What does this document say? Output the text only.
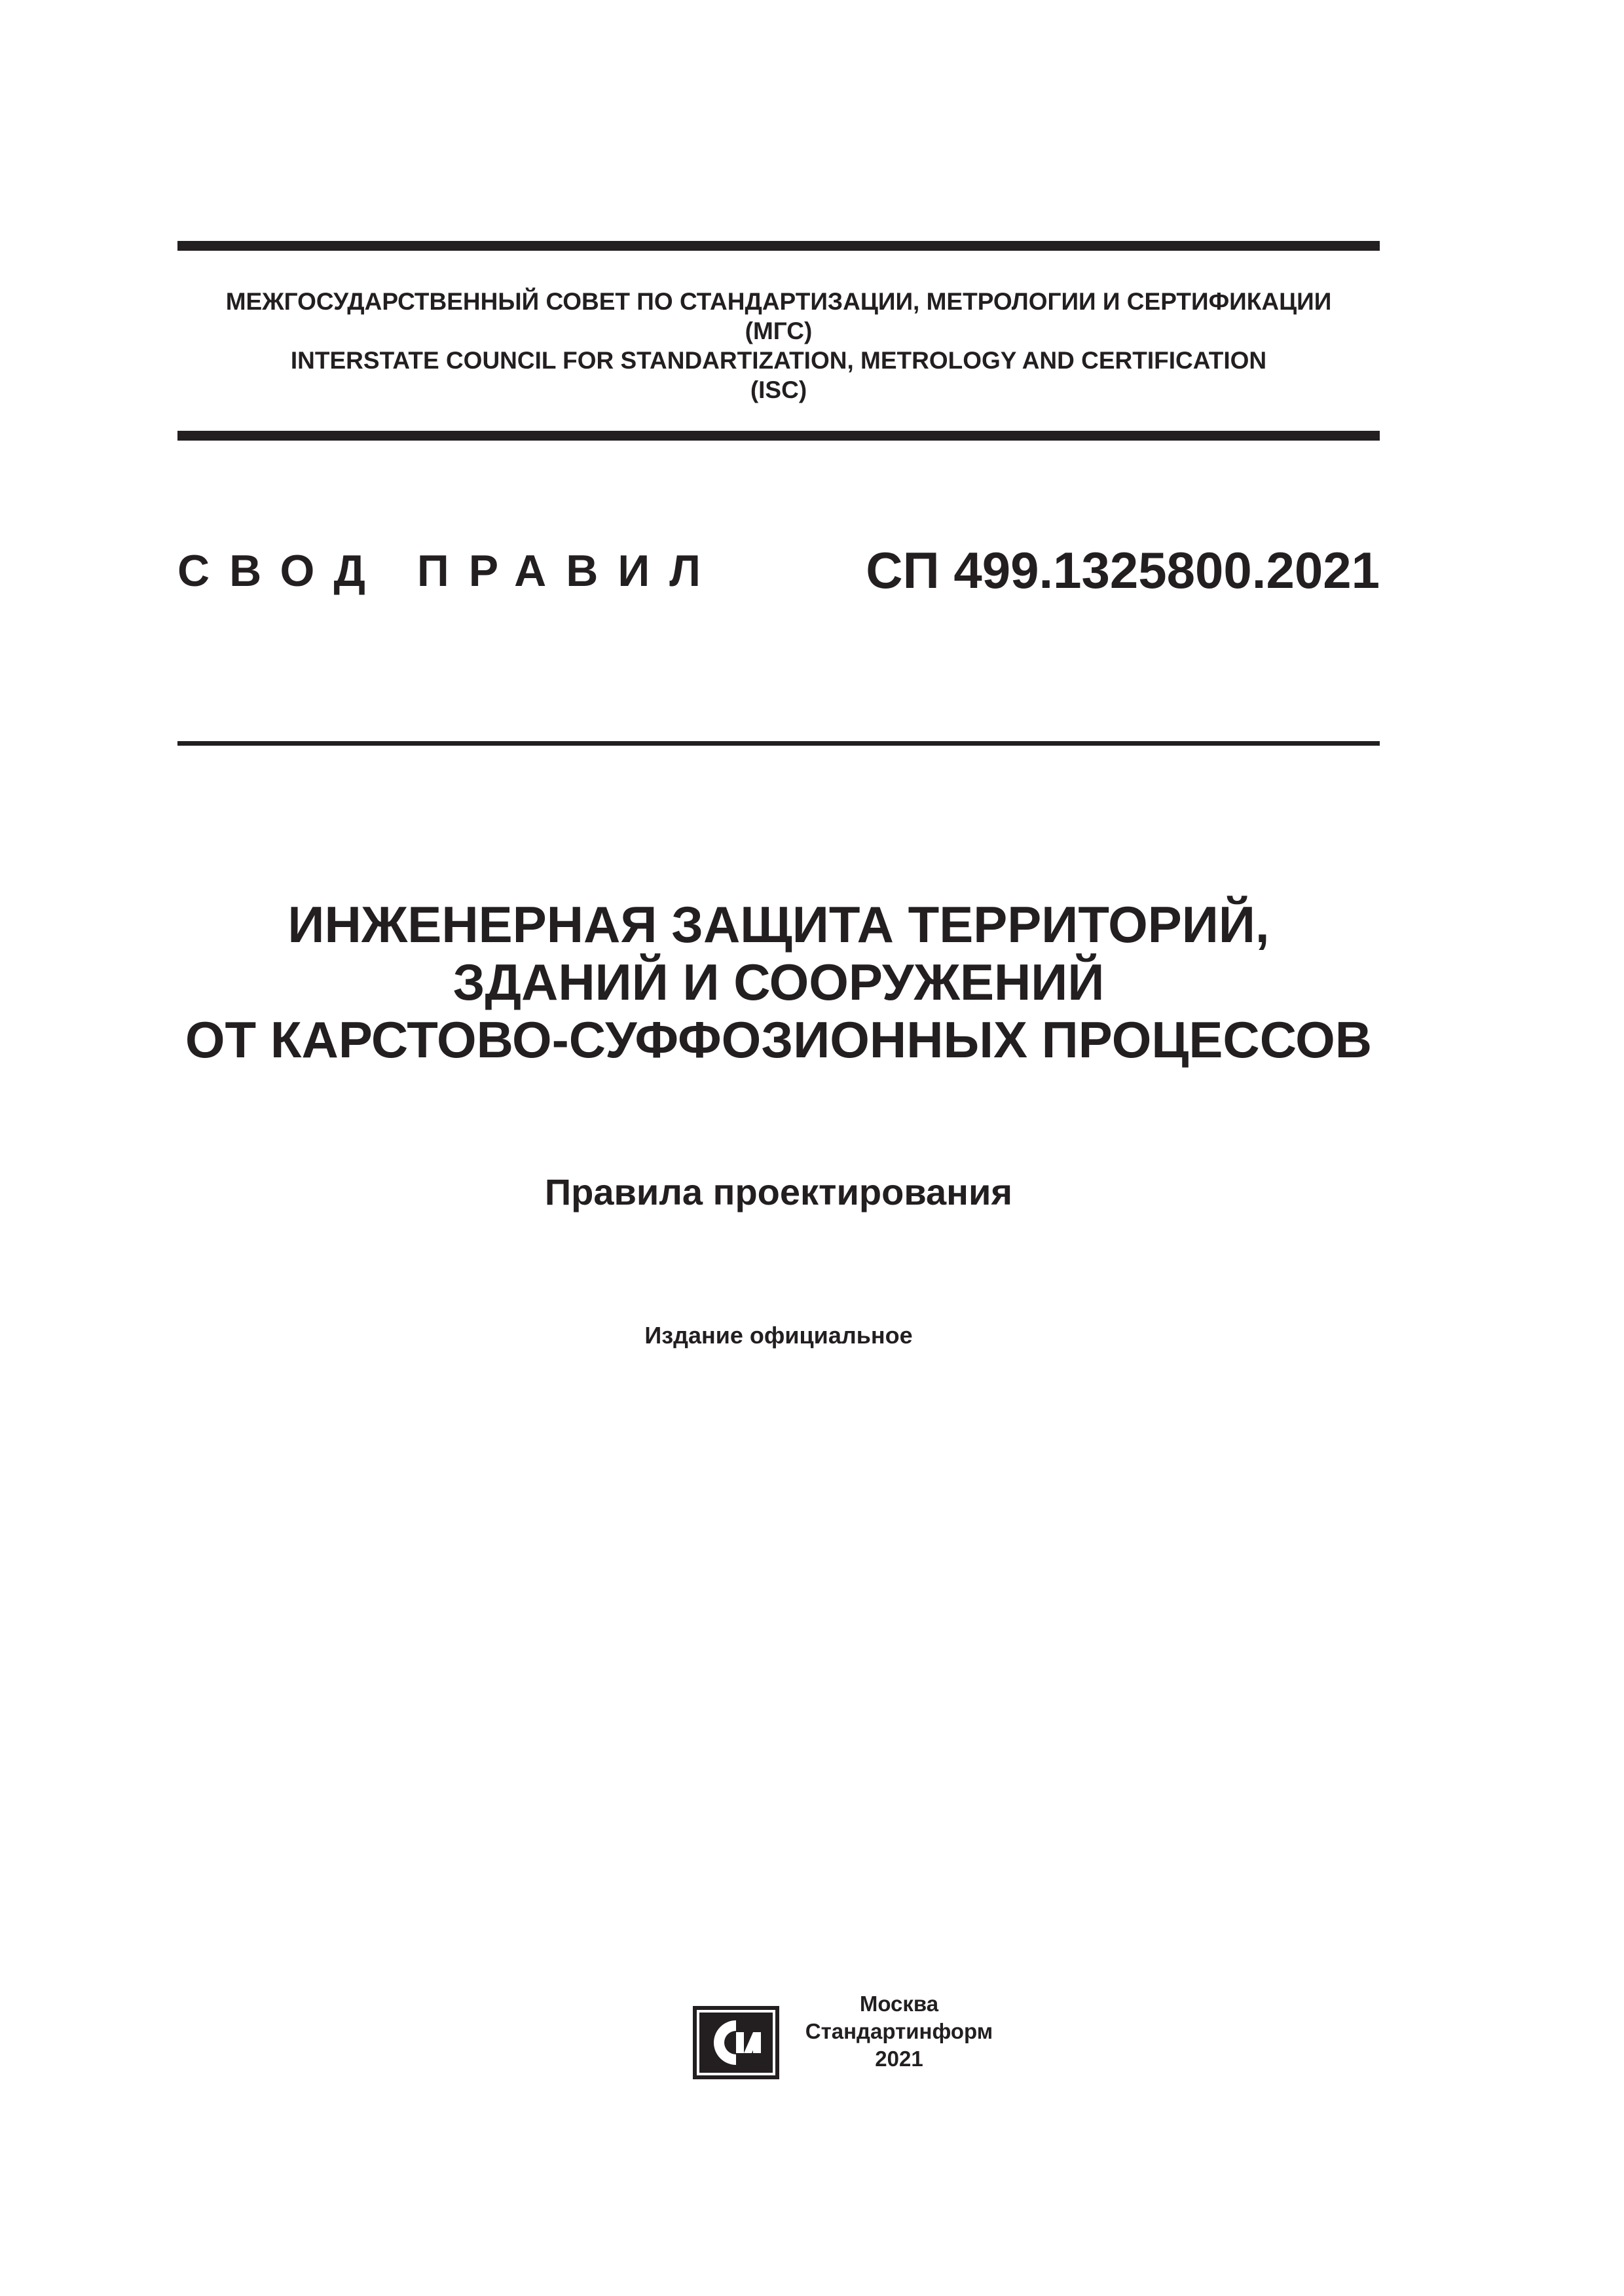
МЕЖГОСУДАРСТВЕННЫЙ СОВЕТ ПО СТАНДАРТИЗАЦИИ, МЕТРОЛОГИИ И СЕРТИФИКАЦИИ
(МГС)
INTERSTATE COUNCIL FOR STANDARTIZATION, METROLOGY AND CERTIFICATION
(ISC)
СВОД ПРАВИЛ	СП 499.1325800.2021
ИНЖЕНЕРНАЯ ЗАЩИТА ТЕРРИТОРИЙ,
ЗДАНИЙ И СООРУЖЕНИЙ
ОТ КАРСТОВО-СУФФОЗИОННЫХ ПРОЦЕССОВ
Правила проектирования
Издание официальное
Москва
Стандартинформ
2021
